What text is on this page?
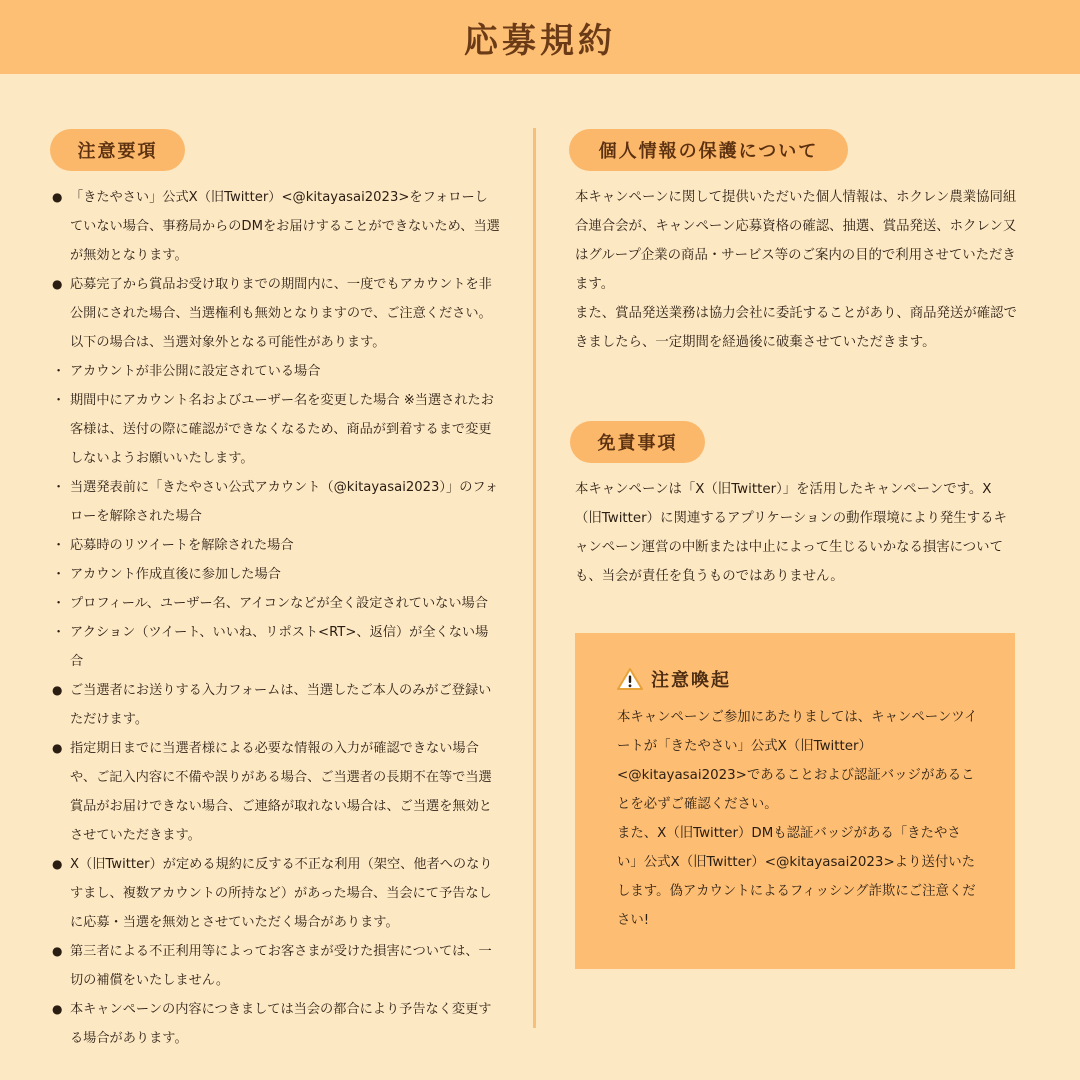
応募規約
注意要項
●
「きたやさい」公式X（旧Twitter）<@kitayasai2023>をフォローしていない場合、事務局からのDMをお届けすることができないため、当選が無効となります。
●
応募完了から賞品お受け取りまでの期間内に、一度でもアカウントを非公開にされた場合、当選権利も無効となりますので、ご注意ください。以下の場合は、当選対象外となる可能性があります。
・
アカウントが非公開に設定されている場合
・
期間中にアカウント名およびユーザー名を変更した場合 ※当選されたお客様は、送付の際に確認ができなくなるため、商品が到着するまで変更しないようお願いいたします。
・
当選発表前に「きたやさい公式アカウント（@kitayasai2023）」のフォローを解除された場合
・
応募時のリツイートを解除された場合
・
アカウント作成直後に参加した場合
・
プロフィール、ユーザー名、アイコンなどが全く設定されていない場合
・
アクション（ツイート、いいね、リポスト<RT>、返信）が全くない場合
●
ご当選者にお送りする入力フォームは、当選したご本人のみがご登録いただけます。
●
指定期日までに当選者様による必要な情報の入力が確認できない場合や、ご記入内容に不備や誤りがある場合、ご当選者の長期不在等で当選賞品がお届けできない場合、ご連絡が取れない場合は、ご当選を無効とさせていただきます。
●
X（旧Twitter）が定める規約に反する不正な利用（架空、他者へのなりすまし、複数アカウントの所持など）があった場合、当会にて予告なしに応募・当選を無効とさせていただく場合があります。
●
第三者による不正利用等によってお客さまが受けた損害については、一切の補償をいたしません。
●
本キャンペーンの内容につきましては当会の都合により予告なく変更する場合があります。
個人情報の保護について

本キャンペーンに関して提供いただいた個人情報は、ホクレン農業協同組合連合会が、キャンペーン応募資格の確認、抽選、賞品発送、ホクレン又はグループ企業の商品・サービス等のご案内の目的で利用させていただきます。

また、賞品発送業務は協力会社に委託することがあり、商品発送が確認できましたら、一定期間を経過後に破棄させていただきます。

免責事項

本キャンペーンは「X（旧Twitter）」を活用したキャンペーンです。X（旧Twitter）に関連するアプリケーションの動作環境により発生するキャンペーン運営の中断または中止によって生じるいかなる損害についても、当会が責任を負うものではありません。

注意喚起

本キャンペーンご参加にあたりましては、キャンペーンツイートが「きたやさい」公式X（旧Twitter）<@kitayasai2023>であることおよび認証バッジがあることを必ずご確認ください。

また、X（旧Twitter）DMも認証バッジがある「きたやさい」公式X（旧Twitter）<@kitayasai2023>より送付いたします。偽アカウントによるフィッシング詐欺にご注意ください!
